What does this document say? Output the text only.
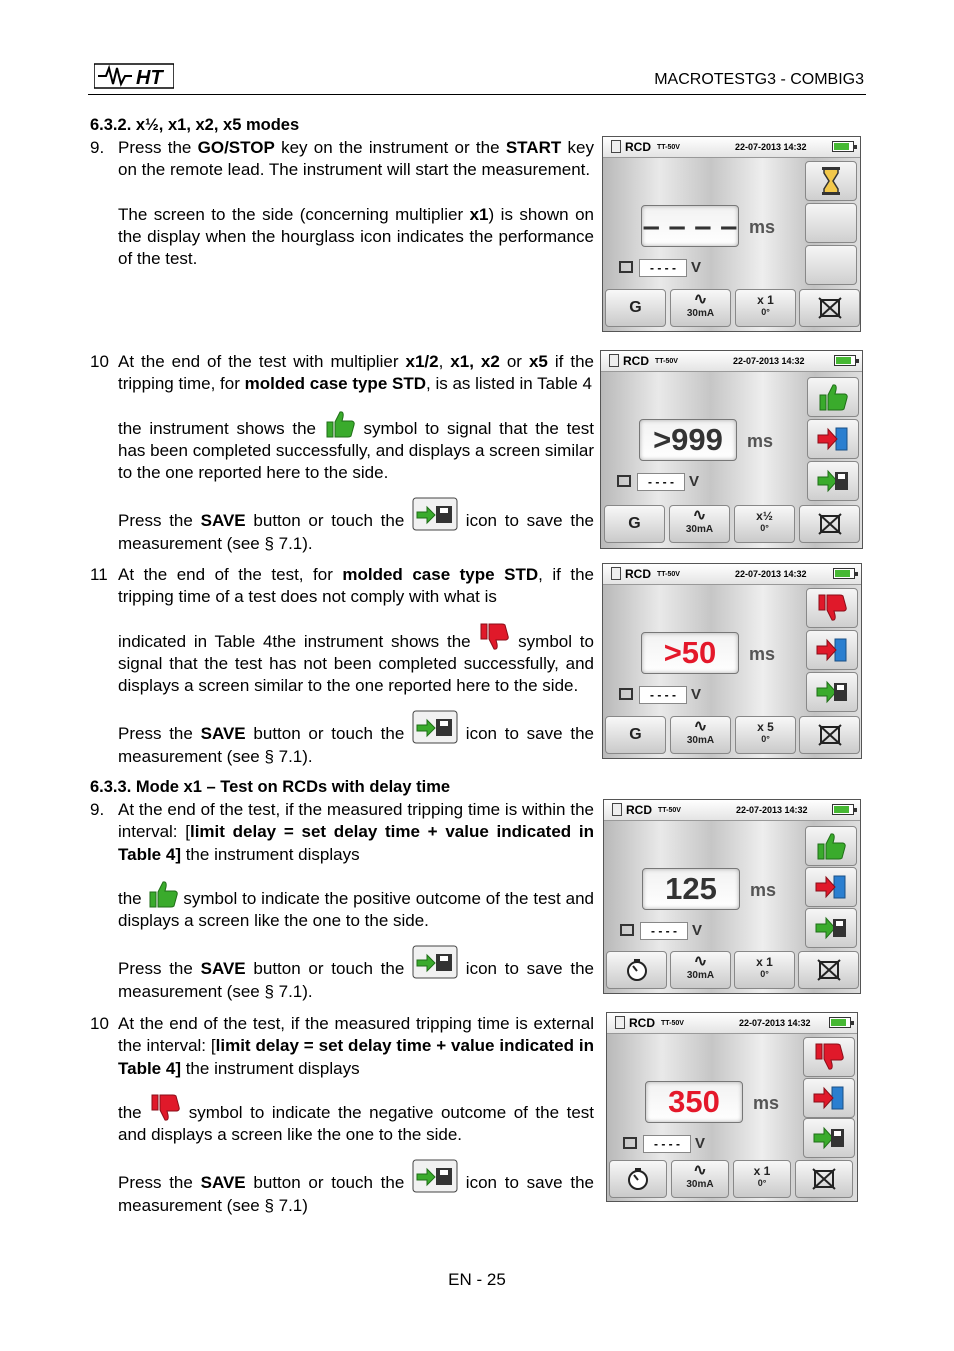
HT	MACROTESTG3 - COMBIG3
6.3.2. x½, x1, x2, x5 modes
9. Press the GO/STOP key on the instrument or the START key on the remote lead. The instrument will start the measurement.
The screen to the side (concerning multiplier x1) is shown on the display when the hourglass icon indicates the performance of the test.
10 At the end of the test with multiplier x1/2, x1, x2 or x5 if the tripping time, for molded case type STD, is as listed in Table 4
the instrument shows the  symbol to signal that the test has been completed successfully, and displays a screen similar to the one reported here to the side.
Press the SAVE button or touch the	icon to save the measurement (see § 7.1).
11 At the end of the test, for molded case type STD, if the tripping time of a test does not comply with what is
indicated in Table 4the instrument shows the  symbol to signal that the test has not been completed successfully, and displays a screen similar to the one reported here to the side.
Press the SAVE button or touch the	icon to save the measurement (see § 7.1).
6.3.3. Mode x1 – Test on RCDs with delay time
9. At the end of the test, if the measured tripping time is within the interval: [limit delay = set delay time + value indicated in Table 4] the instrument displays
the  symbol to indicate the positive outcome of the test and displays a screen like the one to the side.
Press the SAVE button or touch the	icon to save the measurement (see § 7.1).
10 At the end of the test, if the measured tripping time is external the interval: [limit delay = set delay time + value indicated in Table 4] the instrument displays
the  symbol to indicate the negative outcome of the test and displays a screen like the one to the side.
Press the SAVE button or touch the	icon to save the measurement (see § 7.1)
RCD TT-50V	22-07-2013 14:32
– – – – ms
- - - -	V
G	∿
30mA
x 1
0°
RCD TT-50V	22-07-2013 14:32
>999	ms
- - - -	V
G	∿
30mA
x½
0°
RCD TT-50V	22-07-2013 14:32
>50	ms
- - - -	V
G	∿
30mA
x 5
0°
RCD TT-50V	22-07-2013 14:32
125	ms
- - - -	V
∿
30mA
x 1
0°
RCD TT-50V	22-07-2013 14:32
350	ms
- - - -	V
∿
30mA
x 1
0°
EN - 25
